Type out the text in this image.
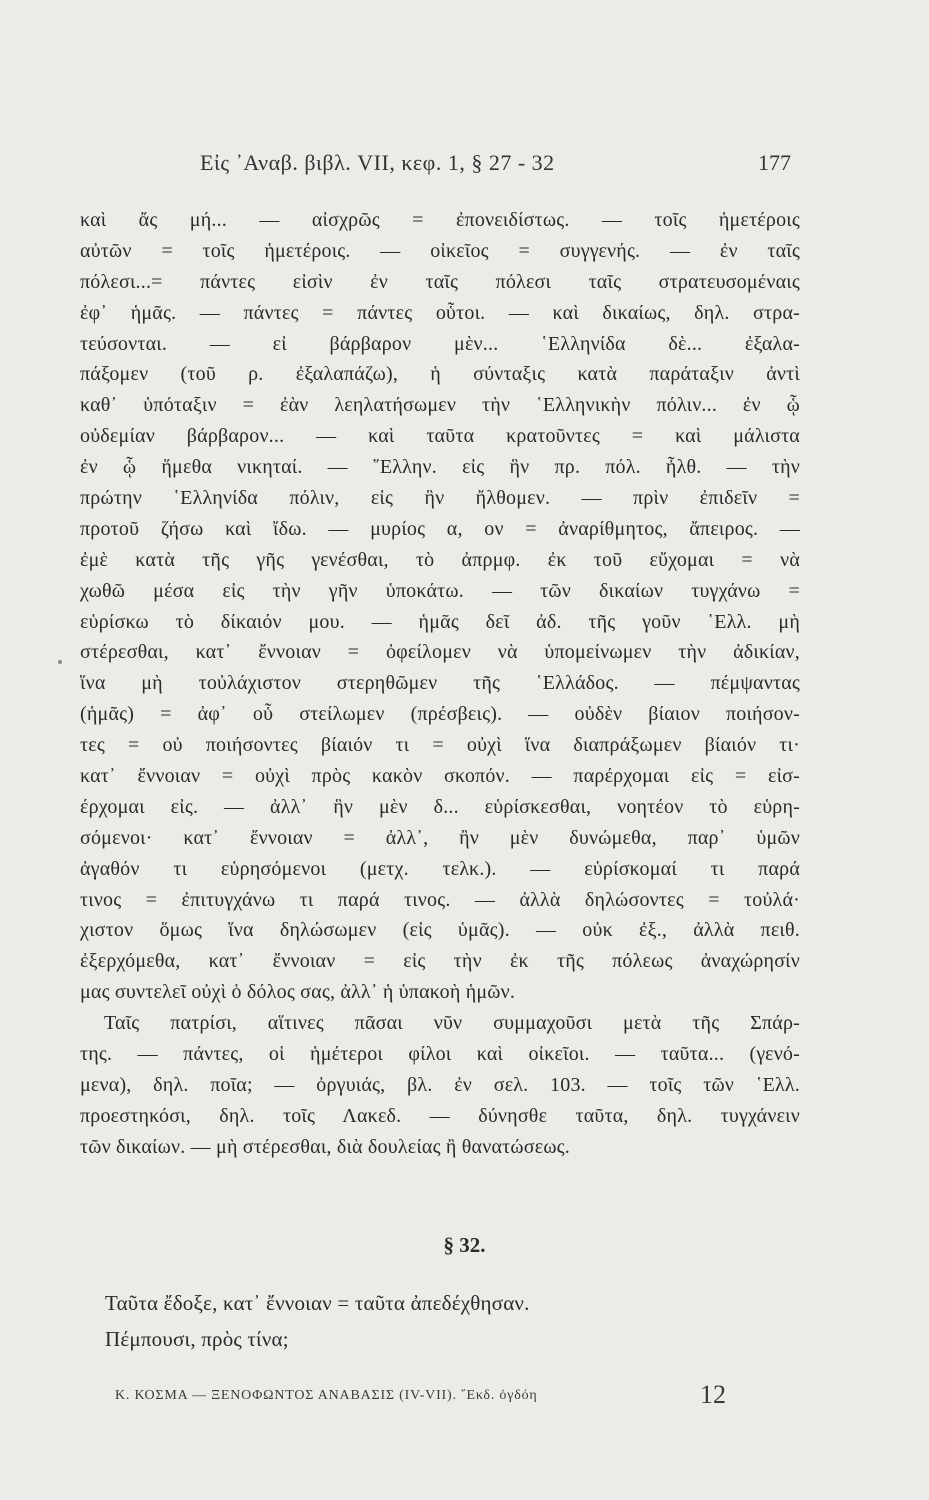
Εἰς ᾿Αναβ. βιβλ. VII, κεφ. 1, § 27 - 32	177
καὶ ἄς μή... — αἰσχρῶς = ἐπονειδίστως. — τοῖς ἡμετέροις
αὐτῶν = τοῖς ἡμετέροις. — οἰκεῖος = συγγενής. — ἐν ταῖς
πόλεσι...= πάντες εἰσὶν ἐν ταῖς πόλεσι ταῖς στρατευσομέναις
ἐφ᾿ ἡμᾶς. — πάντες = πάντες οὗτοι. — καὶ δικαίως, δηλ. στρα-
τεύσονται. — εἰ βάρβαρον μὲν... ῾Ελληνίδα δὲ... ἐξαλα-
πάξομεν (τοῦ ρ. ἐξαλαπάζω), ἡ σύνταξις κατὰ παράταξιν ἀντὶ
καθ᾿ ὑπόταξιν = ἐὰν λεηλατήσωμεν τὴν ῾Ελληνικὴν πόλιν... ἐν ᾧ
οὐδεμίαν βάρβαρον... — καὶ ταῦτα κρατοῦντες = καὶ μάλιστα
ἐν ᾧ ἥμεθα νικηταί. — ῞Ελλην. εἰς ἣν πρ. πόλ. ἦλθ. — τὴν
πρώτην ῾Ελληνίδα πόλιν, εἰς ἣν ἤλθομεν. — πρὶν ἐπιδεῖν =
προτοῦ ζήσω καὶ ἴδω. — μυρίος α, ον = ἀναρίθμητος, ἄπειρος. —
ἐμὲ κατὰ τῆς γῆς γενέσθαι, τὸ ἀπρμφ. ἐκ τοῦ εὔχομαι = νὰ
χωθῶ μέσα εἰς τὴν γῆν ὑποκάτω. — τῶν δικαίων τυγχάνω =
εὑρίσκω τὸ δίκαιόν μου. — ἡμᾶς δεῖ ἀδ. τῆς γοῦν ῾Ελλ. μὴ
στέρεσθαι, κατ᾿ ἔννοιαν = ὀφείλομεν νὰ ὑπομείνωμεν τὴν ἀδικίαν,
ἵνα μὴ τοὐλάχιστον στερηθῶμεν τῆς ῾Ελλάδος. — πέμψαντας
(ἡμᾶς) = ἀφ᾿ οὗ στείλωμεν (πρέσβεις). — οὐδὲν βίαιον ποιήσον-
τες = οὐ ποιήσοντες βίαιόν τι = οὐχὶ ἵνα διαπράξωμεν βίαιόν τι·
κατ᾿ ἔννοιαν = οὐχὶ πρὸς κακὸν σκοπόν. — παρέρχομαι εἰς = εἰσ-
έρχομαι εἰς. — ἀλλ᾿ ἣν μὲν δ... εὑρίσκεσθαι, νοητέον τὸ εὑρη-
σόμενοι· κατ᾿ ἔννοιαν = ἀλλ᾿, ἢν μὲν δυνώμεθα, παρ᾿ ὑμῶν
ἀγαθόν τι εὑρησόμενοι (μετχ. τελκ.). — εὑρίσκομαί τι παρά
τινος = ἐπιτυγχάνω τι παρά τινος. — ἀλλὰ δηλώσοντες = τοὐλά·
χιστον ὅμως ἵνα δηλώσωμεν (εἰς ὑμᾶς). — οὐκ ἐξ., ἀλλὰ πειθ.
ἐξερχόμεθα, κατ᾿ ἔννοιαν = εἰς τὴν ἐκ τῆς πόλεως ἀναχώρησίν
μας συντελεῖ οὐχὶ ὁ δόλος σας, ἀλλ᾿ ἡ ὑπακοὴ ἡμῶν.
Ταῖς πατρίσι, αἵτινες πᾶσαι νῦν συμμαχοῦσι μετὰ τῆς Σπάρ-
της. — πάντες, οἱ ἡμέτεροι φίλοι καὶ οἰκεῖοι. — ταῦτα... (γενό-
μενα), δηλ. ποῖα; — ὀργυιάς, βλ. ἐν σελ. 103. — τοῖς τῶν ῾Ελλ.
προεστηκόσι, δηλ. τοῖς Λακεδ. — δύνησθε ταῦτα, δηλ. τυγχάνειν
τῶν δικαίων. — μὴ στέρεσθαι, διὰ δουλείας ἢ θανατώσεως.
§ 32.
Ταῦτα ἔδοξε, κατ᾿ ἔννοιαν = ταῦτα ἀπεδέχθησαν.
Πέμπουσι, πρὸς τίνα;
Κ. ΚΟΣΜΑ — ΞΕΝΟΦΩΝΤΟΣ ΑΝΑΒΑΣΙΣ (IV-VII). ῎Εκδ. ὀγδόη	12
